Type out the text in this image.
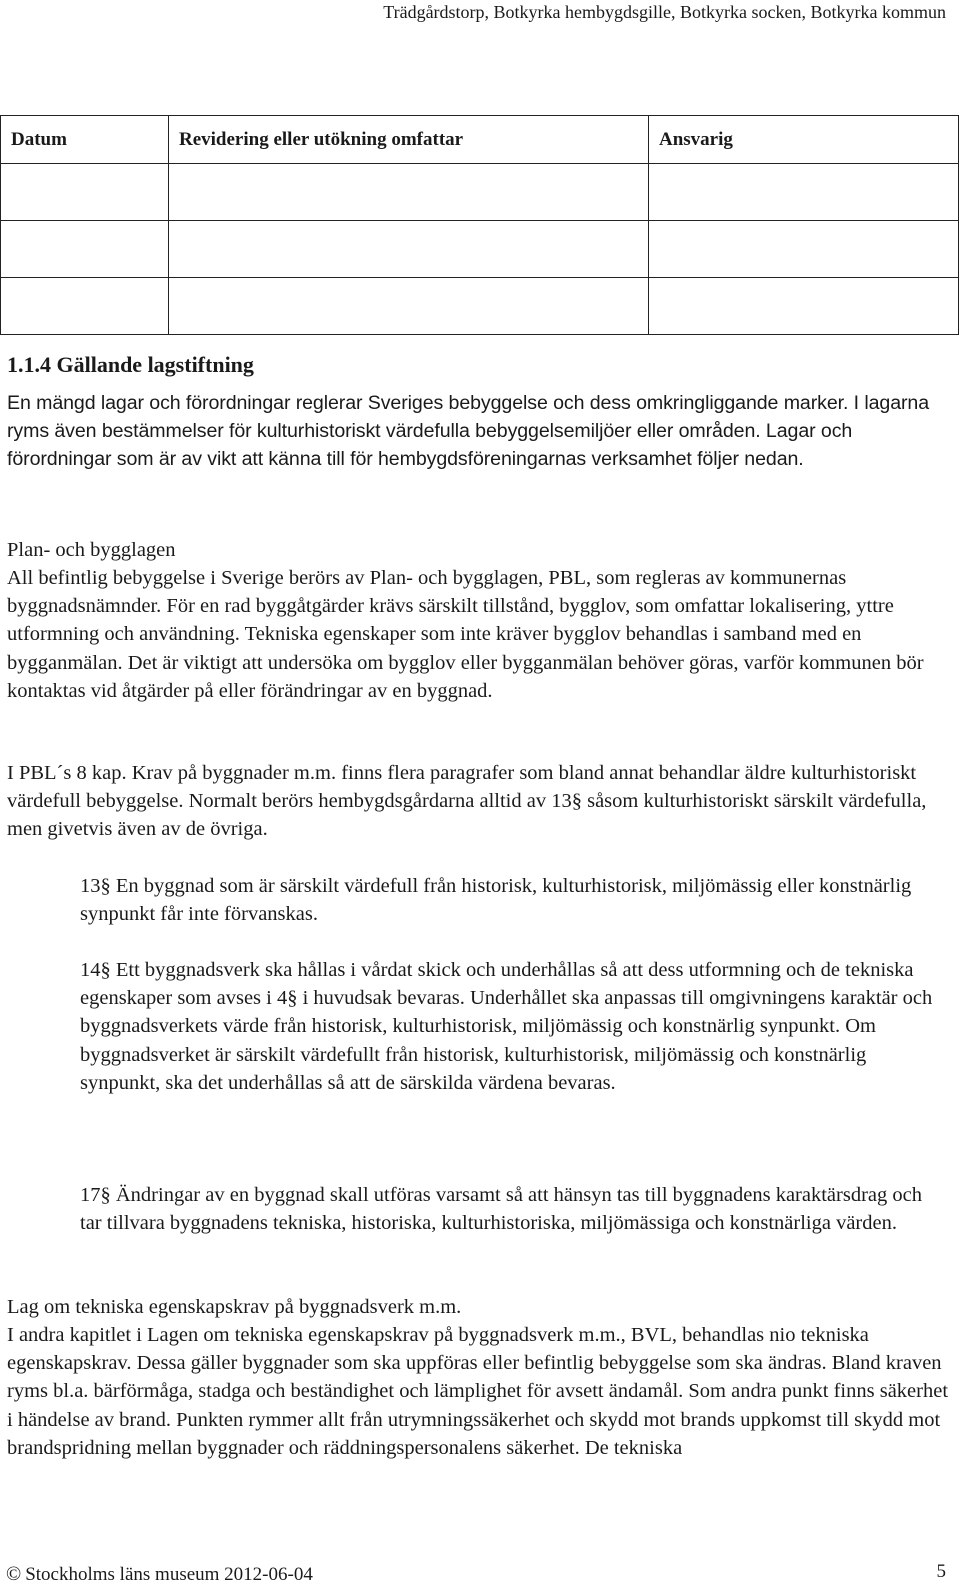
Trädgårdstorp, Botkyrka hembygdsgille, Botkyrka socken, Botkyrka kommun
Datum	Revidering eller utökning omfattar	Ansvarig

1.1.4 Gällande lagstiftning

En mängd lagar och förordningar reglerar Sveriges bebyggelse och dess omkringliggande marker. I lagarna ryms även bestämmelser för kulturhistoriskt värdefulla bebyggelsemiljöer eller områden. Lagar och förordningar som är av vikt att känna till för hembygdsföreningarnas verksamhet följer nedan.

Plan- och bygglagen

All befintlig bebyggelse i Sverige berörs av Plan- och bygglagen, PBL, som regleras av kommunernas byggnadsnämnder. För en rad byggåtgärder krävs särskilt tillstånd, bygglov, som omfattar lokalisering, yttre utformning och användning. Tekniska egenskaper som inte kräver bygglov behandlas i samband med en bygganmälan. Det är viktigt att undersöka om bygglov eller bygganmälan behöver göras, varför kommunen bör kontaktas vid åtgärder på eller förändringar av en byggnad.

I PBL´s 8 kap. Krav på byggnader m.m. finns flera paragrafer som bland annat behandlar äldre kulturhistoriskt värdefull bebyggelse. Normalt berörs hembygdsgårdarna alltid av 13§ såsom kulturhistoriskt särskilt värdefulla, men givetvis även av de övriga.

13§ En byggnad som är särskilt värdefull från historisk, kulturhistorisk, miljömässig eller konstnärlig synpunkt får inte förvanskas.

14§ Ett byggnadsverk ska hållas i vårdat skick och underhållas så att dess utformning och de tekniska egenskaper som avses i 4§ i huvudsak bevaras. Underhållet ska anpassas till omgivningens karaktär och byggnadsverkets värde från historisk, kulturhistorisk, miljömässig och konstnärlig synpunkt. Om byggnadsverket är särskilt värdefullt från historisk, kulturhistorisk, miljömässig och konstnärlig synpunkt, ska det underhållas så att de särskilda värdena bevaras.

17§ Ändringar av en byggnad skall utföras varsamt så att hänsyn tas till byggnadens karaktärsdrag och tar tillvara byggnadens tekniska, historiska, kulturhistoriska, miljömässiga och konstnärliga värden.

Lag om tekniska egenskapskrav på byggnadsverk m.m.

I andra kapitlet i Lagen om tekniska egenskapskrav på byggnadsverk m.m., BVL, behandlas nio tekniska egenskapskrav. Dessa gäller byggnader som ska uppföras eller befintlig bebyggelse som ska ändras. Bland kraven ryms bl.a. bärförmåga, stadga och beständighet och lämplighet för avsett ändamål. Som andra punkt finns säkerhet i händelse av brand. Punkten rymmer allt från utrymningssäkerhet och skydd mot brands uppkomst till skydd mot brandspridning mellan byggnader och räddningspersonalens säkerhet. De tekniska

© Stockholms läns museum 2012-06-04	5
